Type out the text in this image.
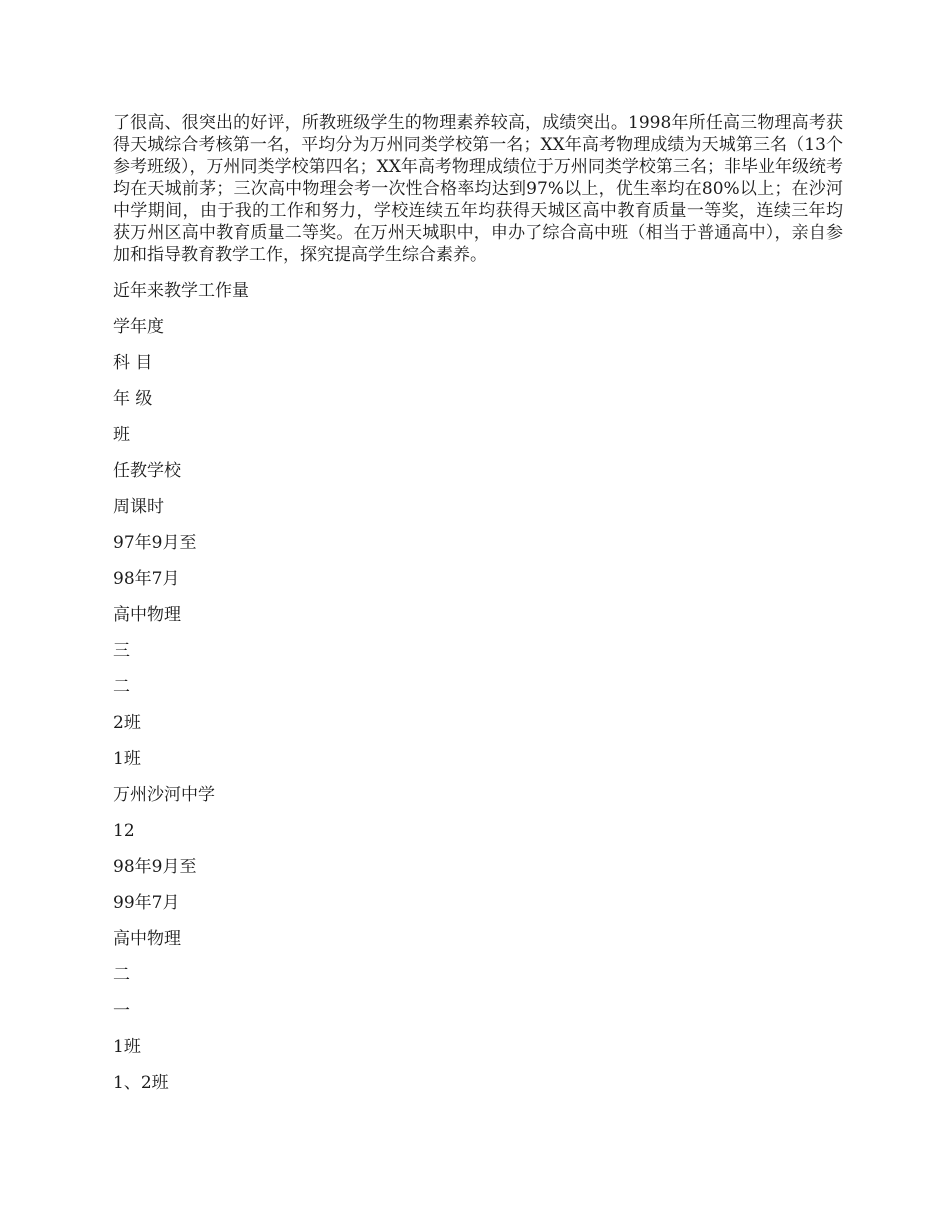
了很高、很突出的好评，所教班级学生的物理素养较高，成绩突出。1998年所任高三物理高考获得天城综合考核第一名，平均分为万州同类学校第一名；XX年高考物理成绩为天城第三名（13个参考班级），万州同类学校第四名；XX年高考物理成绩位于万州同类学校第三名；非毕业年级统考均在天城前茅；三次高中物理会考一次性合格率均达到97%以上，优生率均在80%以上；在沙河中学期间，由于我的工作和努力，学校连续五年均获得天城区高中教育质量一等奖，连续三年均获万州区高中教育质量二等奖。在万州天城职中，申办了综合高中班（相当于普通高中），亲自参加和指导教育教学工作，探究提高学生综合素养。

近年来教学工作量

学年度

科 目

年 级

班

任教学校

周课时

97年9月至

98年7月

高中物理

三

二

2班

1班

万州沙河中学

12

98年9月至

99年7月

高中物理

二

一

1班

1、2班
